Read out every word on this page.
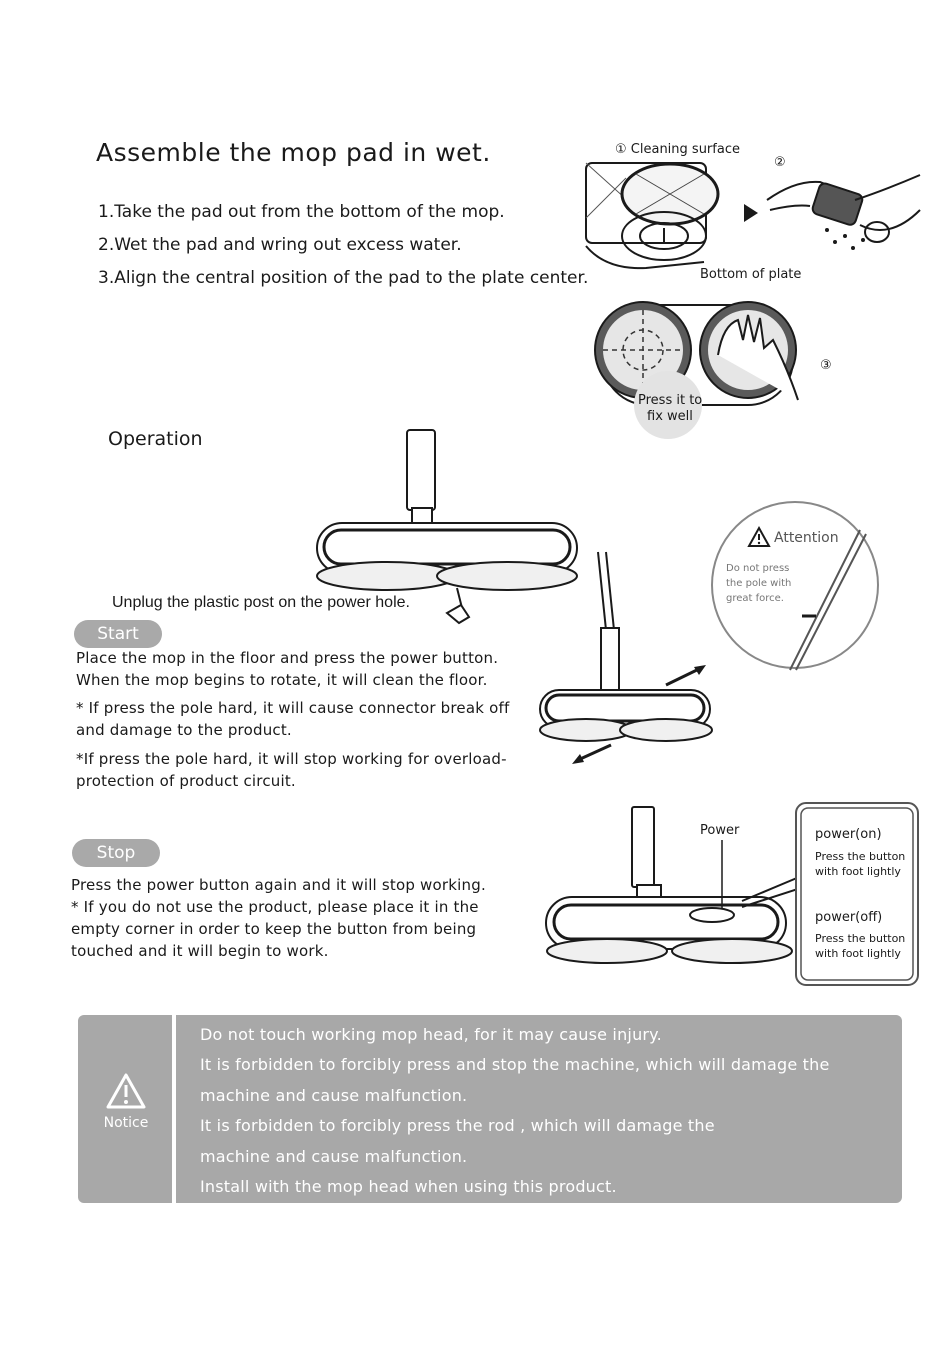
Assemble the mop pad in wet.
1.Take the pad out from the bottom of the mop.
2.Wet the pad and wring out excess water.
3.Align the central position of the pad to the plate center.
① Cleaning surface
②
Bottom of plate
Press it to
fix well
③
Operation
Unplug the plastic post on the power hole.
Attention
Do not press
the pole with
great force.
Start
Place the mop in the floor and press the power button.
When the mop begins to rotate, it will clean the floor.
* If press the pole hard, it will cause connector break off
and damage to the product.
*If press the pole hard, it will stop working for overload-
protection of product circuit.
Stop
Press the power button again and it will stop working.
* If you do not use the product, please place it in the
empty corner in order to keep the button from being
touched and it will begin to work.
Power	power(on)
Press the button
with foot lightly
power(off)
Press the button
with foot lightly
Notice
Do not touch working mop head, for it may cause injury.
It is forbidden to forcibly press and stop the machine, which will damage the
machine and cause malfunction.
It is forbidden to forcibly press the rod , which will damage the
machine and cause malfunction.
Install with the mop head when using this product.
